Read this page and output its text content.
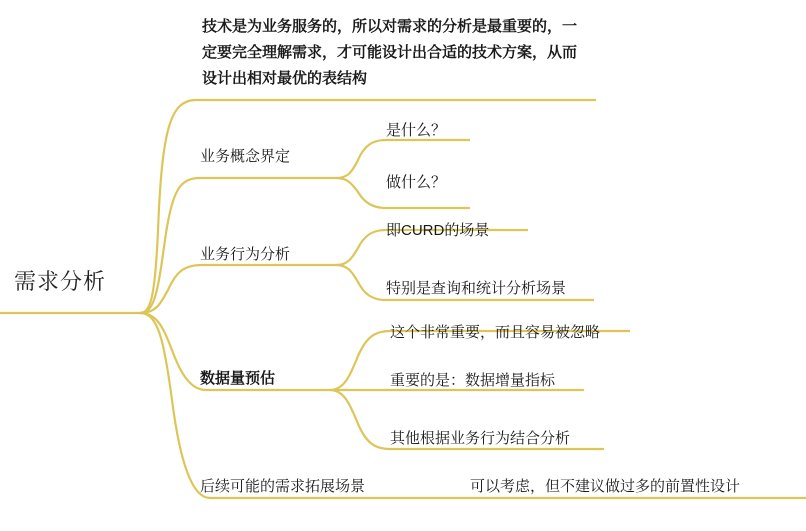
需求分析
技术是为业务服务的，所以对需求的分析是最重要的，一定要完全理解需求，才可能设计出合适的技术方案，从而设计出相对最优的表结构
业务概念界定
是什么？
做什么？
业务行为分析
即CURD的场景
特别是查询和统计分析场景
数据量预估
这个非常重要，而且容易被忽略
重要的是：数据增量指标
其他根据业务行为结合分析
后续可能的需求拓展场景	可以考虑，但不建议做过多的前置性设计
